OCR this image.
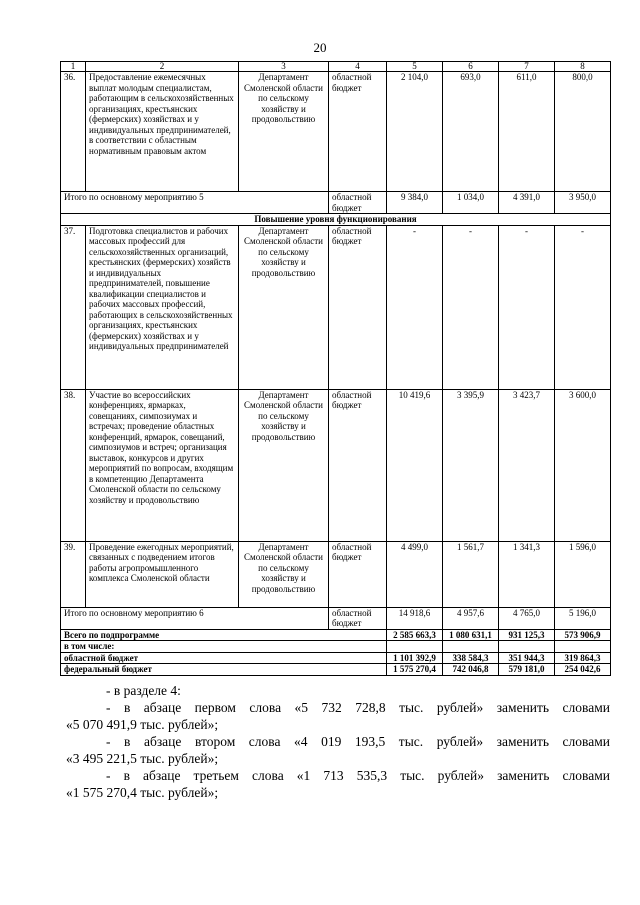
20
1	2	3	4	5	6	7	8
36.	Предоставление ежемесячных выплат молодым специалистам, работающим в сельскохозяйственных организациях, крестьянских (фермерских) хозяйствах и у индивидуальных предпринимателей, в соответствии с областным нормативным правовым актом	Департамент Смоленской области по сельскому хозяйству и продовольствию	областной бюджет	2 104,0	693,0	611,0	800,0
Итого по основному мероприятию 5			областной бюджет	9 384,0	1 034,0	4 391,0	3 950,0
Повышение уровня функционирования							
37.	Подготовка специалистов и рабочих массовых профессий для сельскохозяйственных организаций, крестьянских (фермерских) хозяйств и индивидуальных предпринимателей, повышение квалификации специалистов и рабочих массовых профессий, работающих в сельскохозяйственных организациях, крестьянских (фермерских) хозяйствах и у индивидуальных предпринимателей	Департамент Смоленской области по сельскому хозяйству и продовольствию	областной бюджет	-	-	-	-
38.	Участие во всероссийских конференциях, ярмарках, совещаниях, симпозиумах и встречах; проведение областных конференций, ярмарок, совещаний, симпозиумов и встреч; организация выставок, конкурсов и других мероприятий по вопросам, входящим в компетенцию Департамента Смоленской области по сельскому хозяйству и продовольствию	Департамент Смоленской области по сельскому хозяйству и продовольствию	областной бюджет	10 419,6	3 395,9	3 423,7	3 600,0
39.	Проведение ежегодных мероприятий, связанных с подведением итогов работы агропромышленного комплекса Смоленской области	Департамент Смоленской области по сельскому хозяйству и продовольствию	областной бюджет	4 499,0	1 561,7	1 341,3	1 596,0
Итого по основному мероприятию 6			областной бюджет	14 918,6	4 957,6	4 765,0	5 196,0
Всего по подпрограмме				2 585 663,3	1 080 631,1	931 125,3	573 906,9
в том числе:							
областной бюджет				1 101 392,9	338 584,3	351 944,3	319 864,3
федеральный бюджет				1 575 270,4	742 046,8	579 181,0	254 042,6
- в разделе 4:
- в абзаце первом слова «5 732 728,8 тыс. рублей» заменить словами
«5 070 491,9 тыс. рублей»;
- в абзаце втором слова «4 019 193,5 тыс. рублей» заменить словами
«3 495 221,5 тыс. рублей»;
- в абзаце третьем слова «1 713 535,3 тыс. рублей» заменить словами
«1 575 270,4 тыс. рублей»;
